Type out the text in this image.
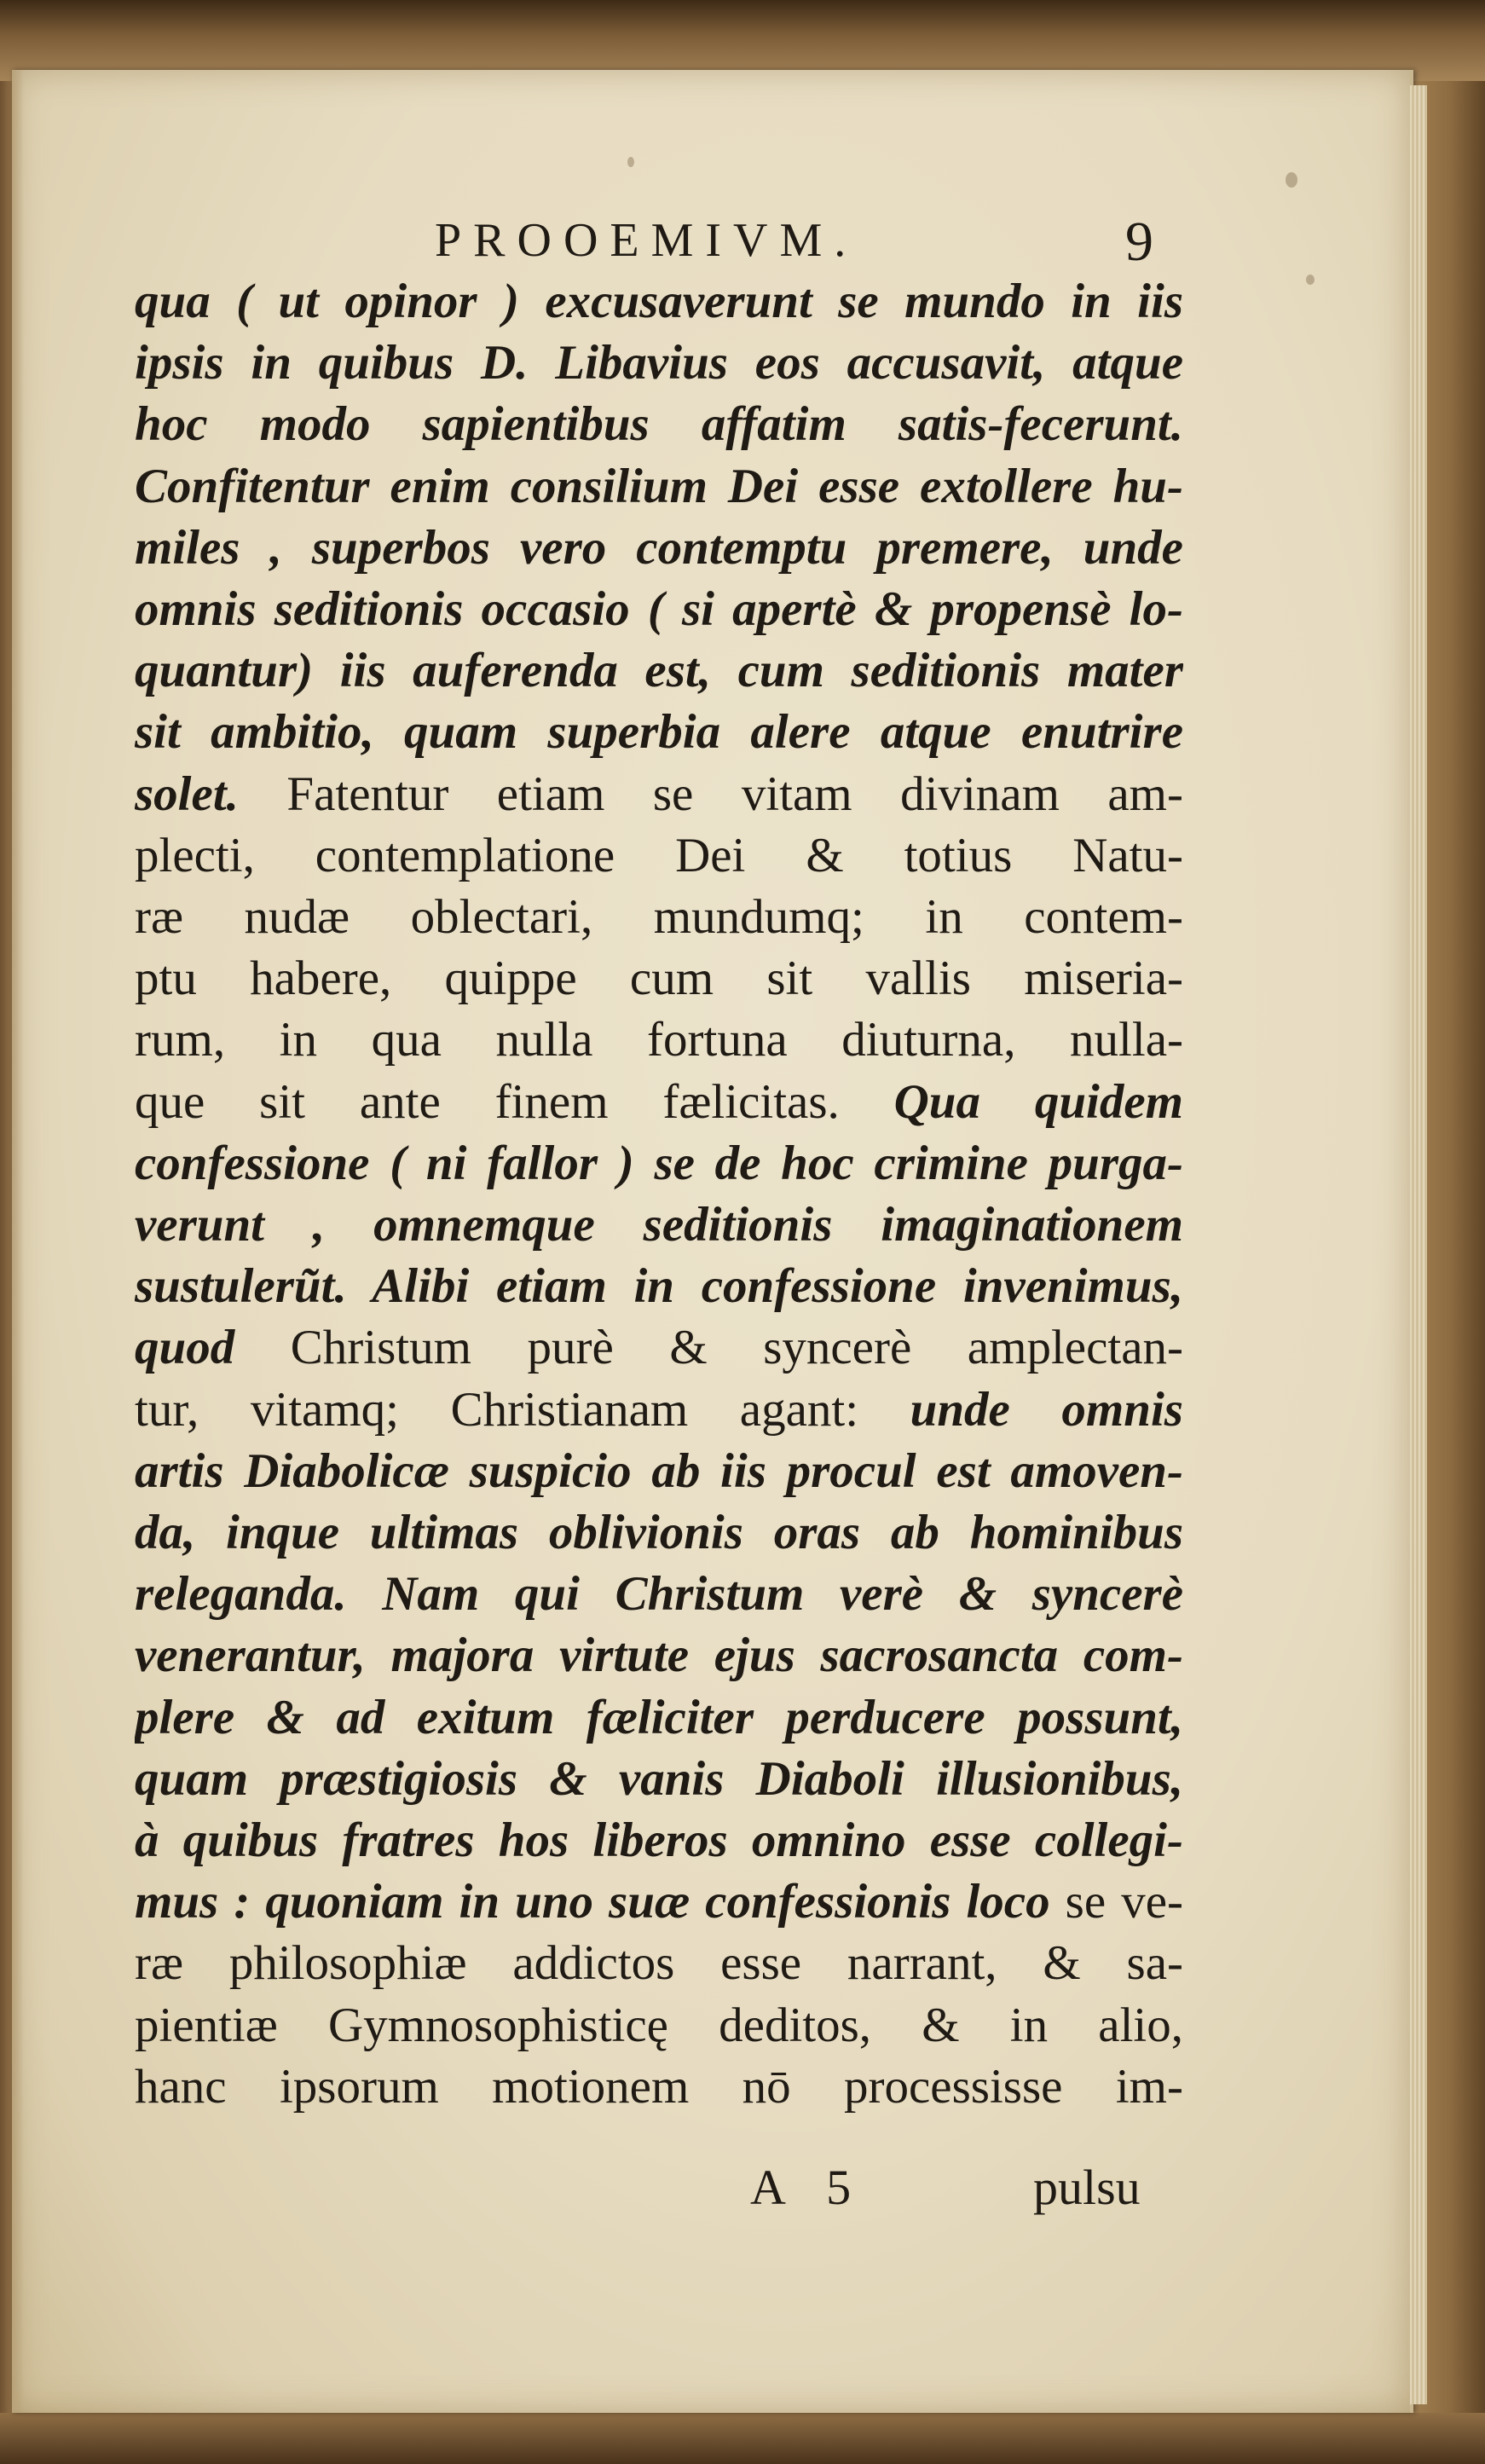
PROOEMIVM.	9
qua ( ut opinor ) excusaverunt se mundo in iis
ipsis in quibus D. Libavius eos accusavit, atque
hoc modo sapientibus affatim satis-fecerunt.
Confitentur enim consilium Dei esse extollere hu-
miles , superbos vero contemptu premere, unde
omnis seditionis occasio ( si apertè & propensè lo-
quantur) iis auferenda est, cum seditionis mater
sit ambitio, quam superbia alere atque enutrire
solet. Fatentur etiam se vitam divinam am-
plecti, contemplatione Dei & totius Natu-
ræ nudæ oblectari, mundumq; in contem-
ptu habere, quippe cum sit vallis miseria-
rum, in qua nulla fortuna diuturna, nulla-
que sit ante finem fælicitas. Qua quidem
confessione ( ni fallor ) se de hoc crimine purga-
verunt , omnemque seditionis imaginationem
sustulerũt. Alibi etiam in confessione invenimus,
quod Christum purè & syncerè amplectan-
tur, vitamq; Christianam agant: unde omnis
artis Diabolicæ suspicio ab iis procul est amoven-
da, inque ultimas oblivionis oras ab hominibus
releganda. Nam qui Christum verè & syncerè
venerantur, majora virtute ejus sacrosancta com-
plere & ad exitum fæliciter perducere possunt,
quam præstigiosis & vanis Diaboli illusionibus,
à quibus fratres hos liberos omnino esse collegi-
mus : quoniam in uno suæ confessionis loco se ve-
ræ philosophiæ addictos esse narrant, & sa-
pientiæ Gymnosophisticę deditos, & in alio,
hanc ipsorum motionem nō processisse im-
A 5	pulsu
